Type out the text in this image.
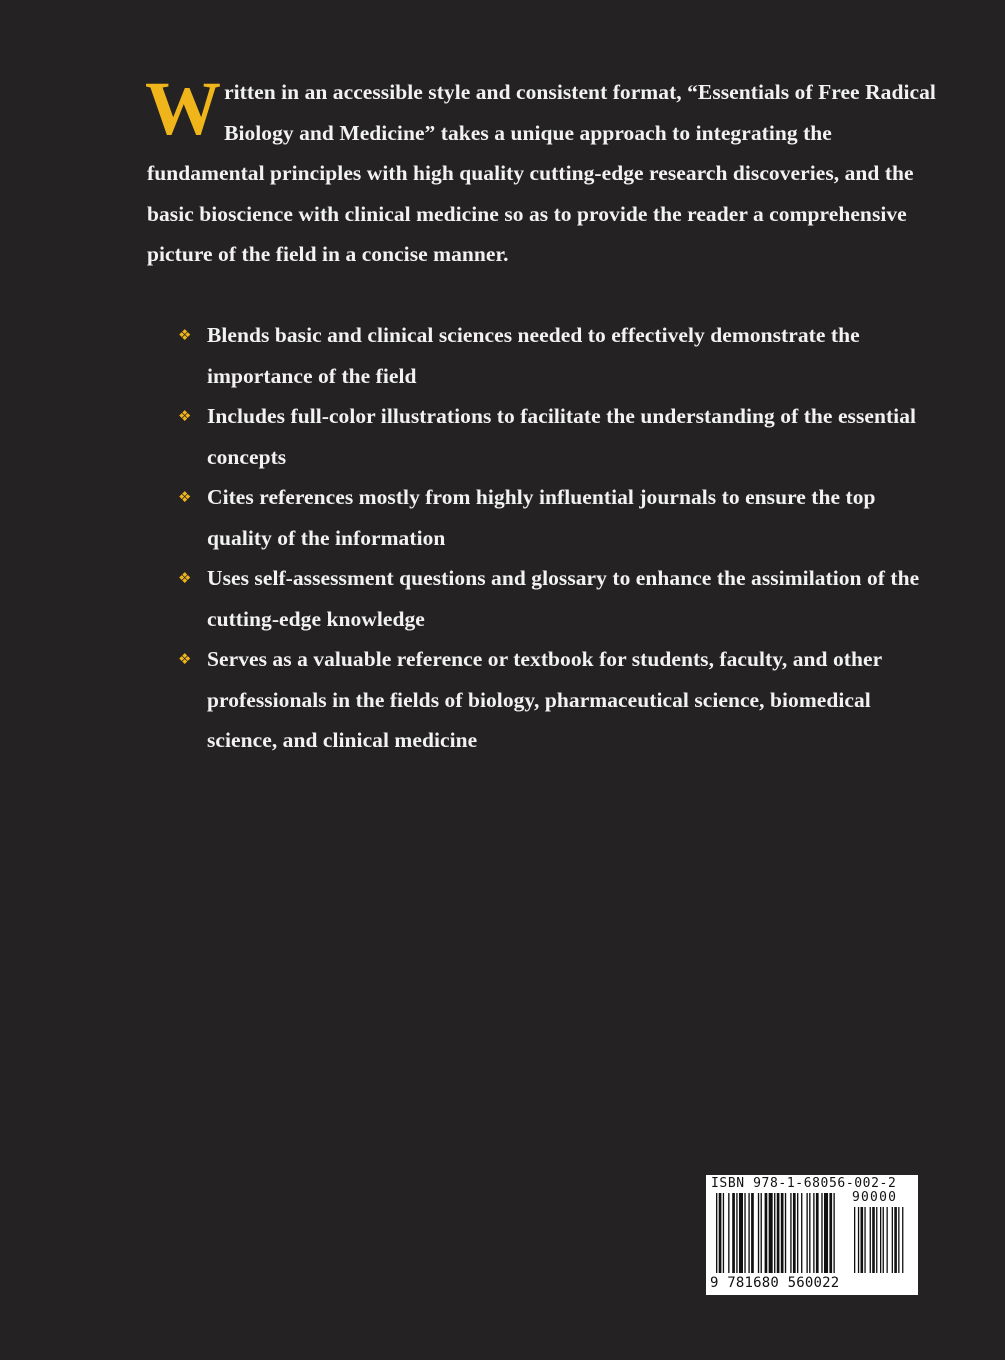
W ritten in an accessible style and consistent format, “Essentials of Free Radical Biology and Medicine” takes a unique approach to integrating the fundamental principles with high quality cutting-edge research discoveries, and the basic bioscience with clinical medicine so as to provide the reader a comprehensive picture of the field in a concise manner.
❖ Blends basic and clinical sciences needed to effectively demonstrate the importance of the field
❖ Includes full-color illustrations to facilitate the understanding of the essential concepts
❖ Cites references mostly from highly influential journals to ensure the top quality of the information
❖ Uses self-assessment questions and glossary to enhance the assimilation of the cutting-edge knowledge
❖ Serves as a valuable reference or textbook for students, faculty, and other professionals in the fields of biology, pharmaceutical science, biomedical science, and clinical medicine
ISBN 978-1-68056-002-2
90000
9 781680 560022
